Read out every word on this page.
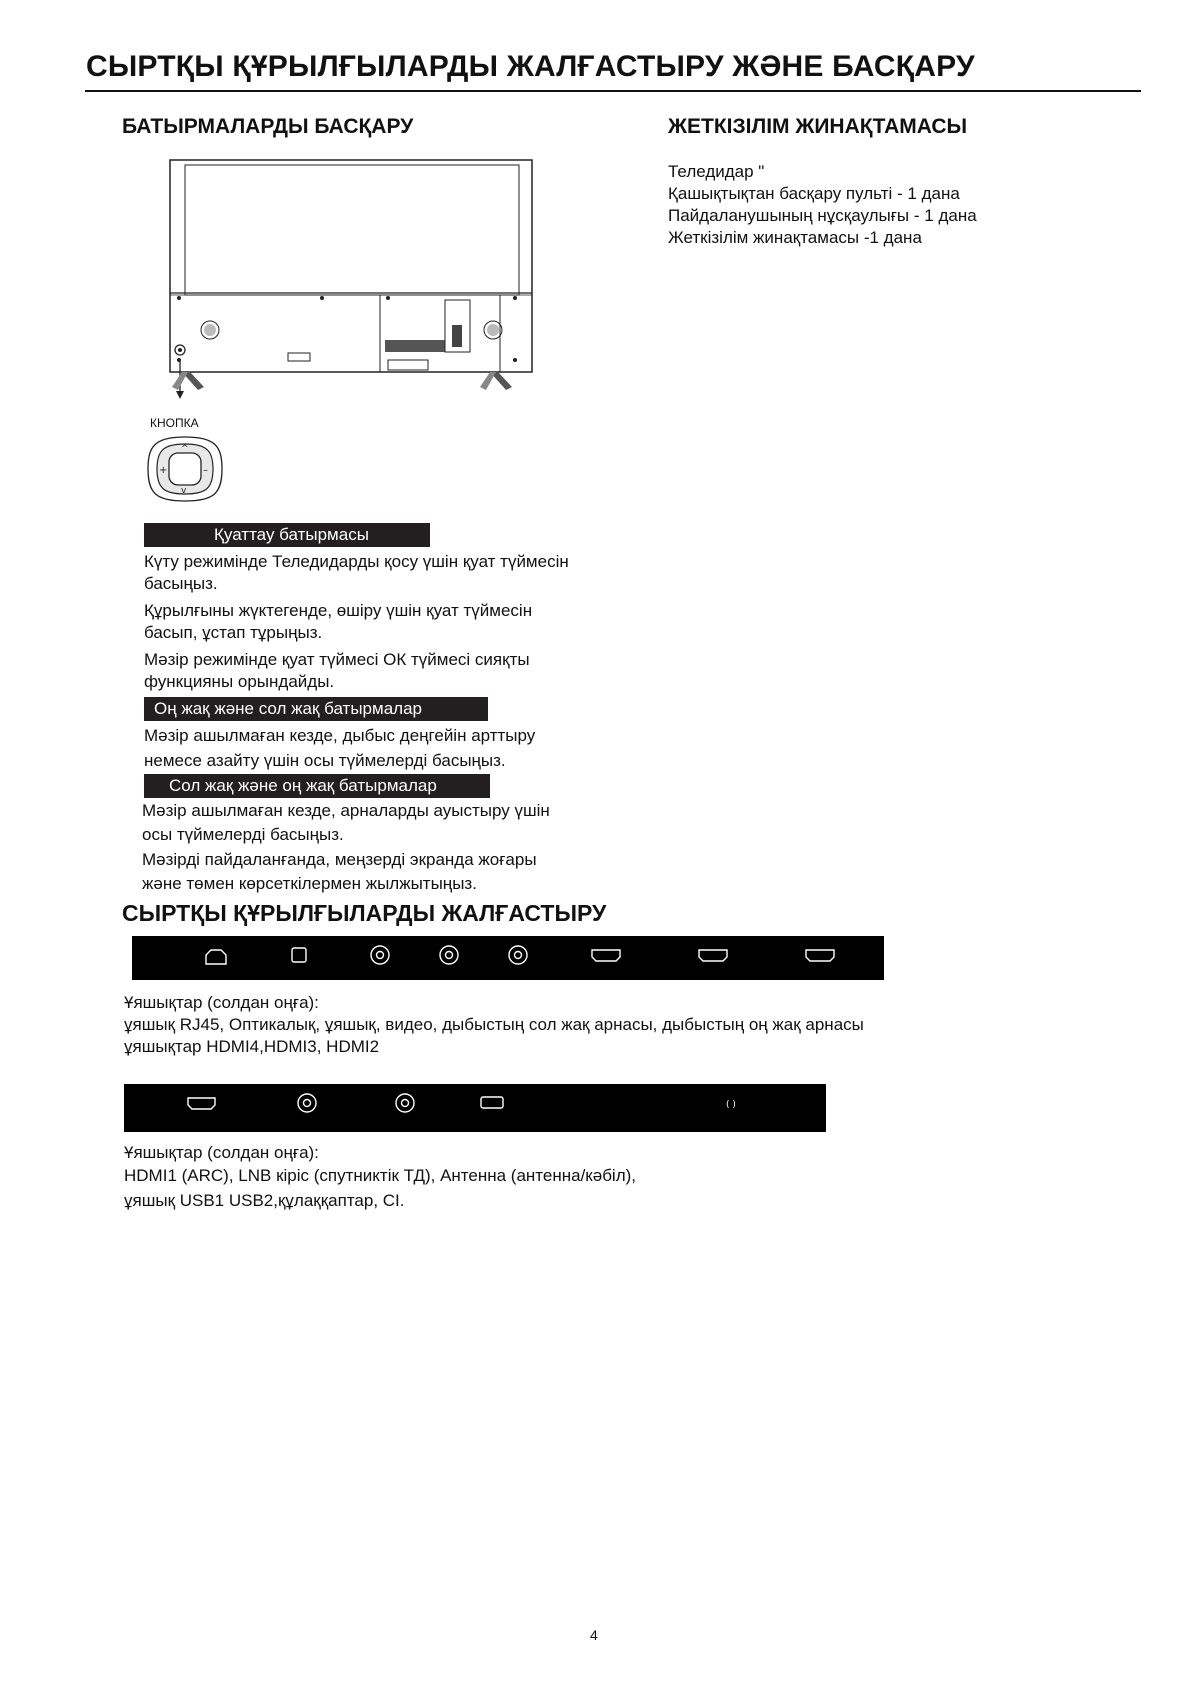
СЫРТҚЫ ҚҰРЫЛҒЫЛАРДЫ ЖАЛҒАСТЫРУ ЖӘНЕ БАСҚАРУ
БАТЫРМАЛАРДЫ БАСҚАРУ	ЖЕТКІЗІЛІМ ЖИНАҚТАМАСЫ
Теледидар "
Қашықтықтан басқару пульті - 1 дана
Пайдаланушының нұсқаулығы - 1 дана
Жеткізілім жинақтамасы -1 дана
КНОПКА
^
v
+	–
Қуаттау батырмасы
Күту режимінде Теледидарды қосу үшін қуат түймесін
басыңыз.
Құрылғыны жүктегенде, өшіру үшін қуат түймесін
басып, ұстап тұрыңыз.
Мәзір режимінде қуат түймесі ОК түймесі сияқты
функцияны орындайды.
Оң жақ және сол жақ батырмалар
Мәзір ашылмаған кезде, дыбыс деңгейін арттыру
немесе азайту үшін осы түймелерді басыңыз.
Сол жақ және оң жақ батырмалар
Мәзір ашылмаған кезде, арналарды ауыстыру үшін
осы түймелерді басыңыз.
Мәзірді пайдаланғанда, меңзерді экранда жоғары
және төмен көрсеткілермен жылжытыңыз.
СЫРТҚЫ ҚҰРЫЛҒЫЛАРДЫ ЖАЛҒАСТЫРУ
Ұяшықтар (солдан оңға):
ұяшық RJ45, Оптикалық, ұяшық, видео, дыбыстың сол жақ арнасы, дыбыстың оң жақ арнасы
ұяшықтар HDMI4,HDMI3, HDMI2
( )
Ұяшықтар (солдан оңға):
HDMI1 (ARC), LNB кіріс (спутниктік ТД), Антенна (антенна/кәбіл),
ұяшық USB1 USB2,құлаққаптар, CI.
4
